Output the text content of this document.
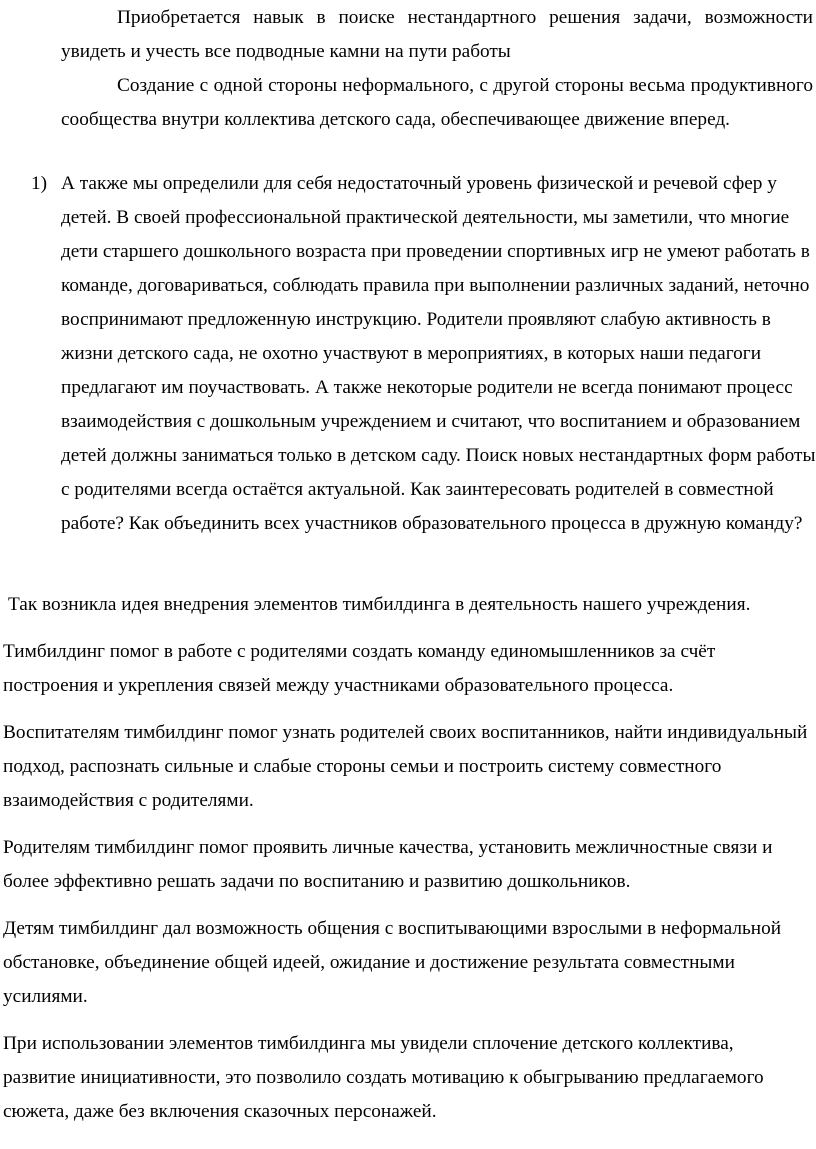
Приобретается навык в поиске нестандартного решения задачи, возможности увидеть и учесть все подводные камни на пути работы
Создание с одной стороны неформального, с другой стороны весьма продуктивного сообщества внутри коллектива детского сада, обеспечивающее движение вперед.
1) А также мы определили для себя недостаточный уровень физической и речевой сфер у детей. В своей профессиональной практической деятельности, мы заметили, что многие дети старшего дошкольного возраста при проведении спортивных игр не умеют работать в команде, договариваться, соблюдать правила при выполнении различных заданий, неточно воспринимают предложенную инструкцию. Родители проявляют слабую активность в жизни детского сада, не охотно участвуют в мероприятиях, в которых наши педагоги предлагают им поучаствовать. А также некоторые родители не всегда понимают процесс взаимодействия с дошкольным учреждением и считают, что воспитанием и образованием детей должны заниматься только в детском саду. Поиск новых нестандартных форм работы с родителями всегда остаётся актуальной. Как заинтересовать родителей в совместной работе? Как объединить всех участников образовательного процесса в дружную команду?
Так возникла идея внедрения элементов тимбилдинга в деятельность нашего учреждения.
Тимбилдинг помог в работе с родителями создать команду единомышленников за счёт построения и укрепления связей между участниками образовательного процесса.
Воспитателям тимбилдинг помог узнать родителей своих воспитанников, найти индивидуальный подход, распознать сильные и слабые стороны семьи и построить систему совместного взаимодействия с родителями.
Родителям тимбилдинг помог проявить личные качества, установить межличностные связи и более эффективно решать задачи по воспитанию и развитию дошкольников.
Детям тимбилдинг дал возможность общения с воспитывающими взрослыми в неформальной обстановке, объединение общей идеей, ожидание и достижение результата совместными усилиями.
При использовании элементов тимбилдинга мы увидели сплочение детского коллектива, развитие инициативности, это позволило создать мотивацию к обыгрыванию предлагаемого сюжета, даже без включения сказочных персонажей.
